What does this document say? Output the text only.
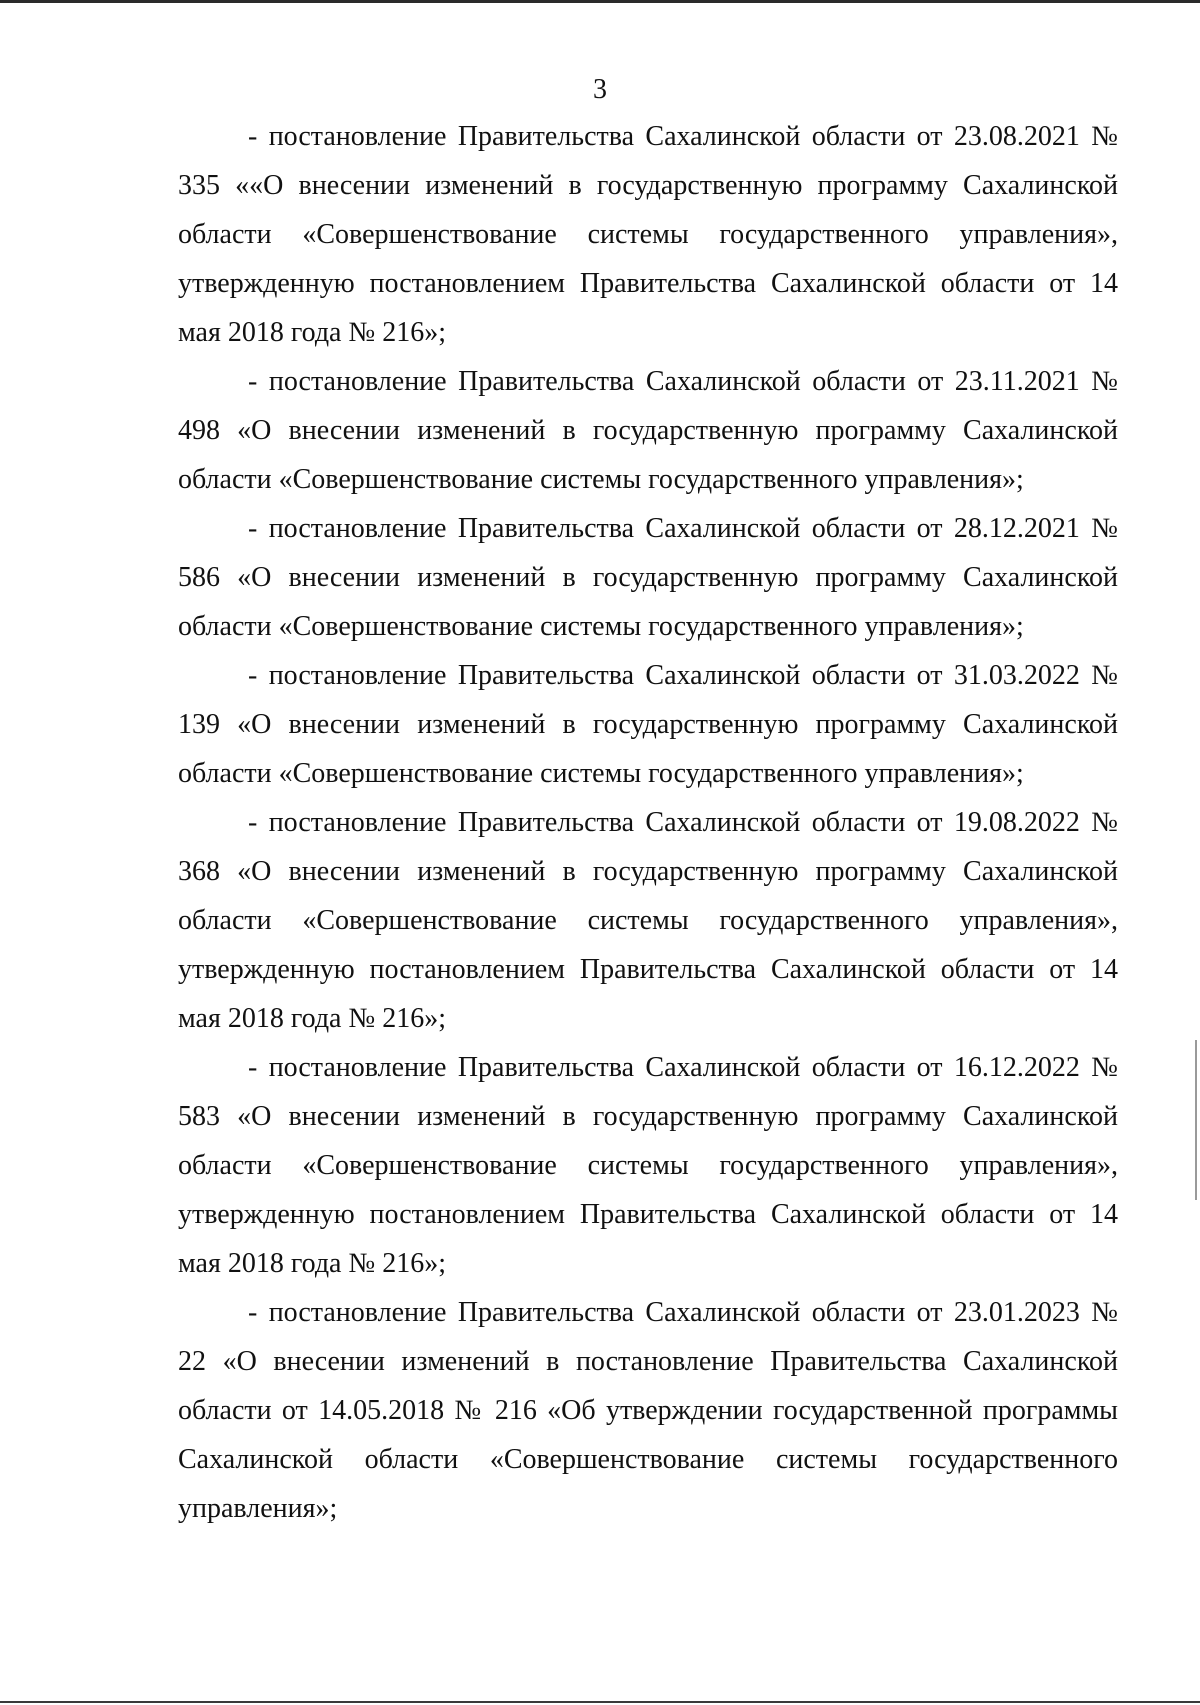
3

- постановление Правительства Сахалинской области от 23.08.2021 № 335 ««О внесении изменений в государственную программу Сахалинской области «Совершенствование системы государственного управления», утвержденную постановлением Правительства Сахалинской области от 14 мая 2018 года № 216»;

- постановление Правительства Сахалинской области от 23.11.2021 № 498 «О внесении изменений в государственную программу Сахалинской области «Совершенствование системы государственного управления»;

- постановление Правительства Сахалинской области от 28.12.2021 № 586 «О внесении изменений в государственную программу Сахалинской области «Совершенствование системы государственного управления»;

- постановление Правительства Сахалинской области от 31.03.2022 № 139 «О внесении изменений в государственную программу Сахалинской области «Совершенствование системы государственного управления»;

- постановление Правительства Сахалинской области от 19.08.2022 № 368 «О внесении изменений в государственную программу Сахалинской области «Совершенствование системы государственного управления», утвержденную постановлением Правительства Сахалинской области от 14 мая 2018 года № 216»;

- постановление Правительства Сахалинской области от 16.12.2022 № 583 «О внесении изменений в государственную программу Сахалинской области «Совершенствование системы государственного управления», утвержденную постановлением Правительства Сахалинской области от 14 мая 2018 года № 216»;

- постановление Правительства Сахалинской области от 23.01.2023 № 22 «О внесении изменений в постановление Правительства Сахалинской области от 14.05.2018 № 216 «Об утверждении государственной программы Сахалинской области «Совершенствование системы государственного управления»;
